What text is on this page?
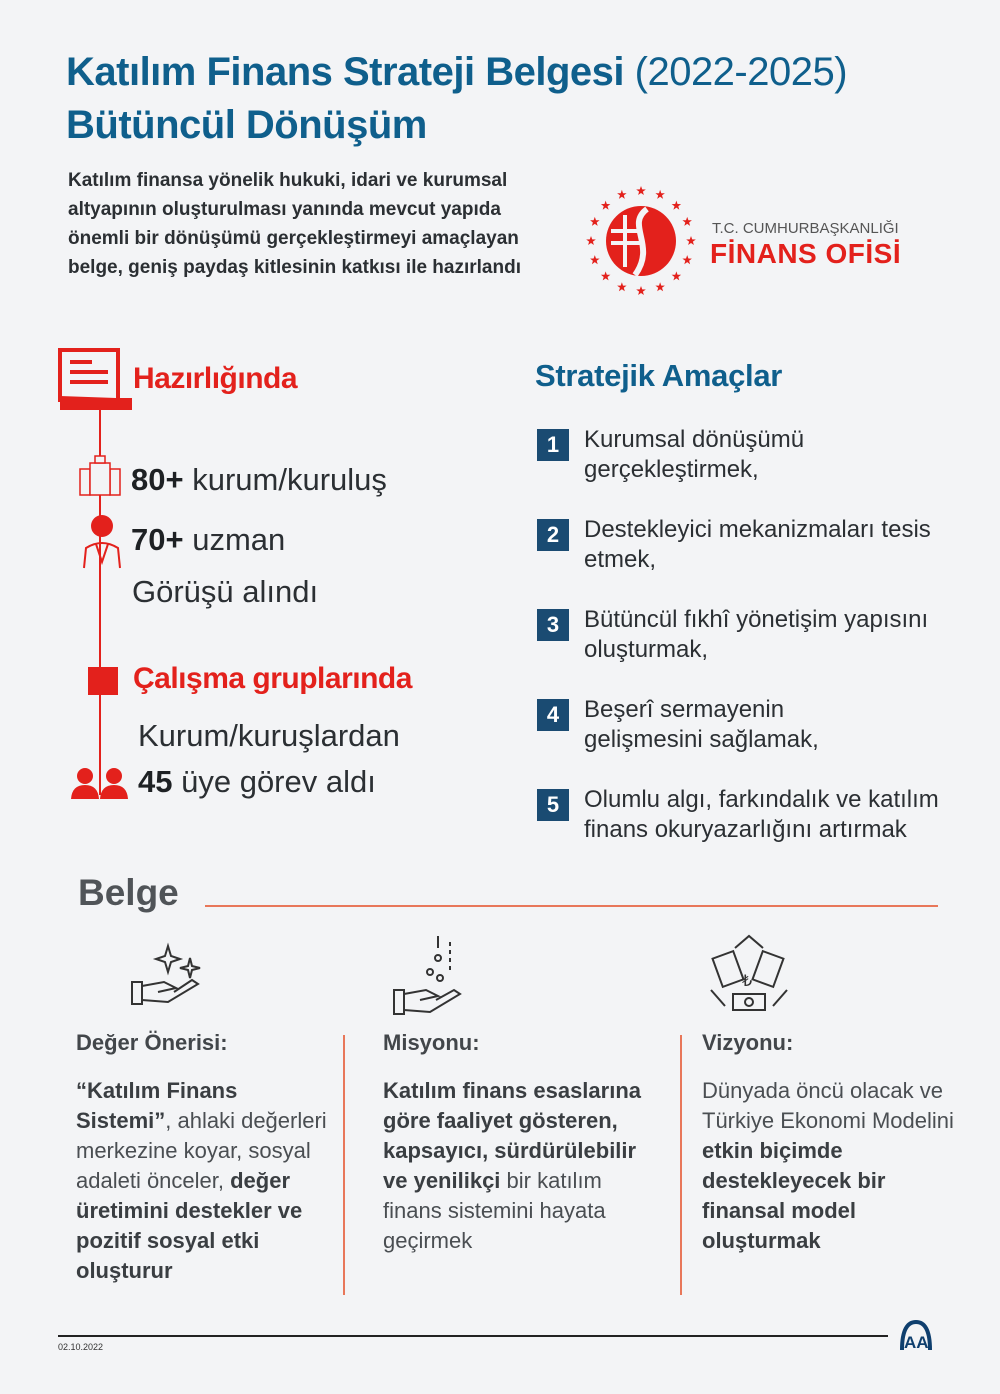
Katılım Finans Strateji Belgesi (2022-2025)
Bütüncül Dönüşüm
Katılım finansa yönelik hukuki, idari ve kurumsal altyapının oluşturulması yanında mevcut yapıda önemli bir dönüşümü gerçekleştirmeyi amaçlayan belge, geniş paydaş kitlesinin katkısı ile hazırlandı
T.C. CUMHURBAŞKANLIĞI
FİNANS OFİSİ
Hazırlığında
80+ kurum/kuruluş
70+ uzman
Görüşü alındı
Çalışma gruplarında
Kurum/kuruşlardan
45 üye görev aldı
Stratejik Amaçlar
1	Kurumsal dönüşümü gerçekleştirmek,
2	Destekleyici mekanizmaları tesis etmek,
3	Bütüncül fıkhî yönetişim yapısını oluşturmak,
4	Beşerî sermayenin gelişmesini sağlamak,
5	Olumlu algı, farkındalık ve katılım finans okuryazarlığını artırmak
Belge
₺
Değer Önerisi:

“Katılım Finans Sistemi”, ahlaki değerleri merkezine koyar, sosyal adaleti önceler, değer üretimini destekler ve pozitif sosyal etki oluşturur

Misyonu:

Katılım finans esaslarına göre faaliyet gösteren, kapsayıcı, sürdürülebilir ve yenilikçi bir katılım finans sistemini hayata geçirmek

Vizyonu:

Dünyada öncü olacak ve Türkiye Ekonomi Modelini etkin biçimde destekleyecek bir finansal model oluşturmak

02.10.2022	AA
